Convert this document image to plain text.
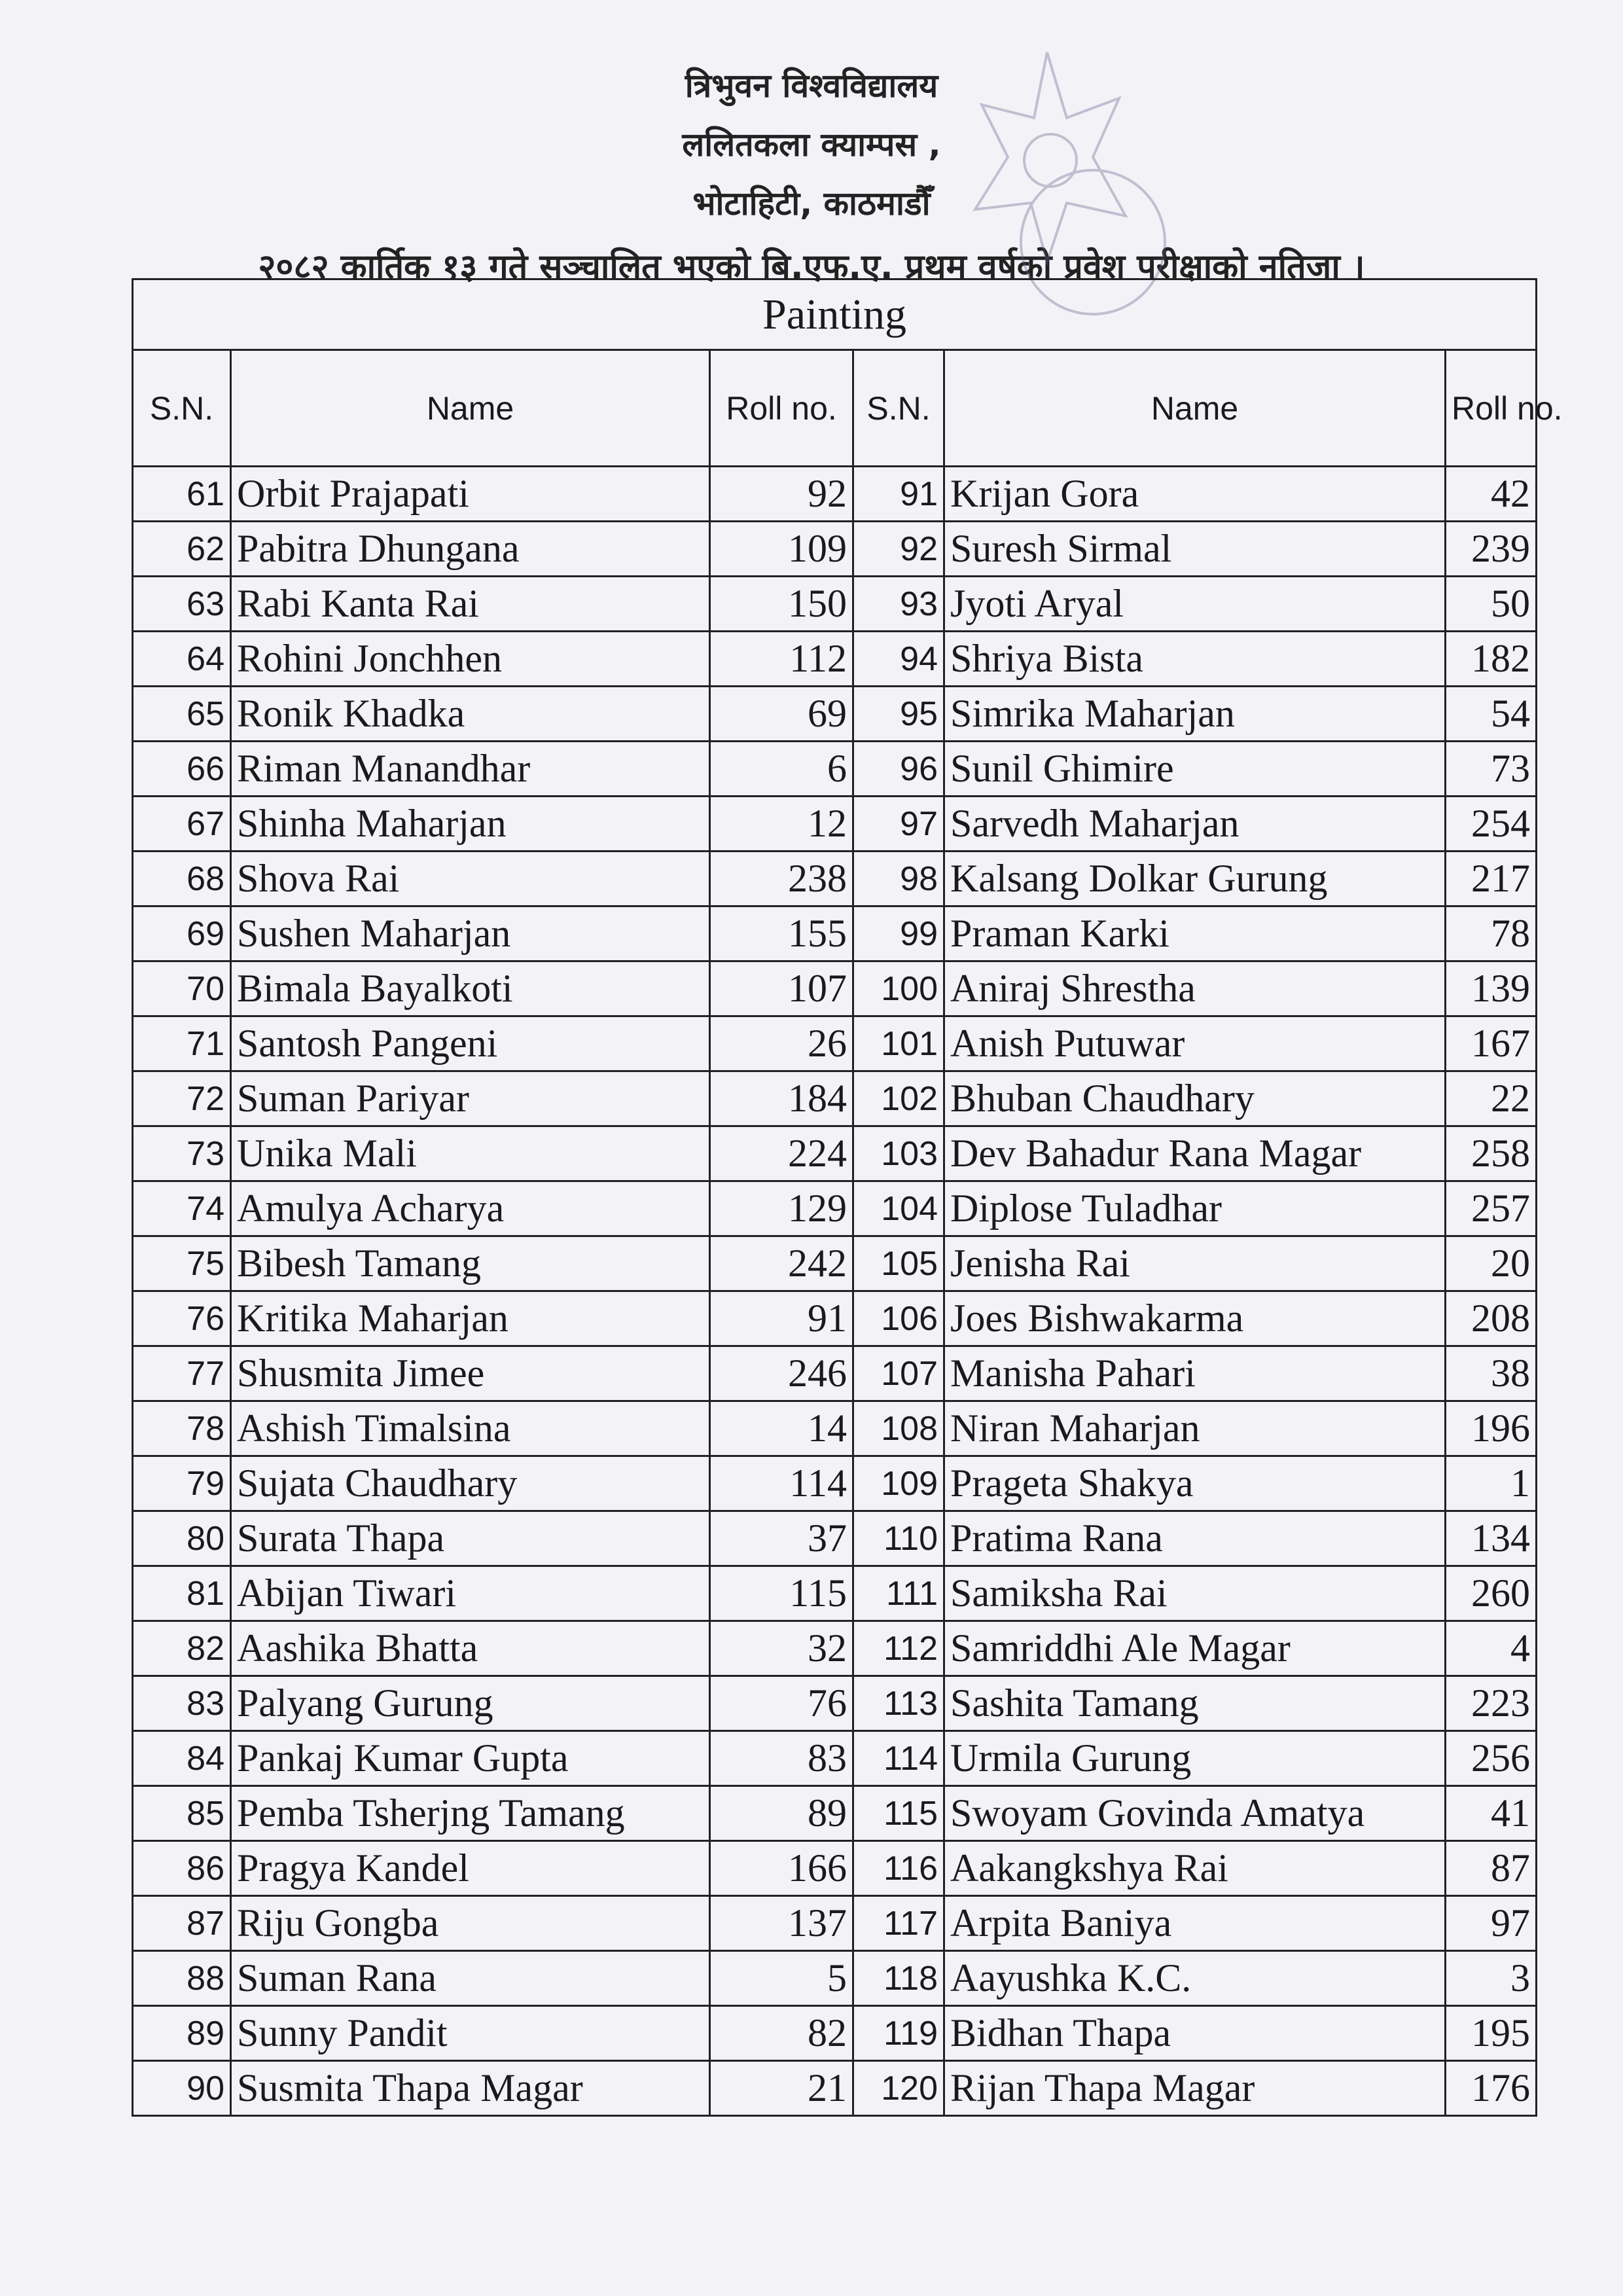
त्रिभुवन विश्वविद्यालय
ललितकला क्याम्पस ,
भोटाहिटी, काठमाडौँ
२०८२ कार्तिक १३ गते सञ्चालित भएको बि.एफ.ए. प्रथम वर्षको प्रवेश परीक्षाको नतिजा ।
Painting					
S.N.	Name	Roll no.	S.N.	Name	Roll no.
61	Orbit Prajapati	92	91	Krijan Gora	42
62	Pabitra Dhungana	109	92	Suresh Sirmal	239
63	Rabi Kanta Rai	150	93	Jyoti Aryal	50
64	Rohini Jonchhen	112	94	Shriya Bista	182
65	Ronik Khadka	69	95	Simrika Maharjan	54
66	Riman Manandhar	6	96	Sunil Ghimire	73
67	Shinha Maharjan	12	97	Sarvedh Maharjan	254
68	Shova Rai	238	98	Kalsang Dolkar Gurung	217
69	Sushen Maharjan	155	99	Praman Karki	78
70	Bimala Bayalkoti	107	100	Aniraj Shrestha	139
71	Santosh Pangeni	26	101	Anish Putuwar	167
72	Suman Pariyar	184	102	Bhuban Chaudhary	22
73	Unika Mali	224	103	Dev Bahadur Rana Magar	258
74	Amulya Acharya	129	104	Diplose Tuladhar	257
75	Bibesh Tamang	242	105	Jenisha Rai	20
76	Kritika Maharjan	91	106	Joes Bishwakarma	208
77	Shusmita Jimee	246	107	Manisha Pahari	38
78	Ashish Timalsina	14	108	Niran Maharjan	196
79	Sujata Chaudhary	114	109	Prageta Shakya	1
80	Surata Thapa	37	110	Pratima Rana	134
81	Abijan Tiwari	115	111	Samiksha Rai	260
82	Aashika Bhatta	32	112	Samriddhi Ale Magar	4
83	Palyang Gurung	76	113	Sashita Tamang	223
84	Pankaj Kumar Gupta	83	114	Urmila Gurung	256
85	Pemba Tsherjng Tamang	89	115	Swoyam Govinda Amatya	41
86	Pragya Kandel	166	116	Aakangkshya Rai	87
87	Riju Gongba	137	117	Arpita Baniya	97
88	Suman Rana	5	118	Aayushka K.C.	3
89	Sunny Pandit	82	119	Bidhan Thapa	195
90	Susmita Thapa Magar	21	120	Rijan Thapa Magar	176
